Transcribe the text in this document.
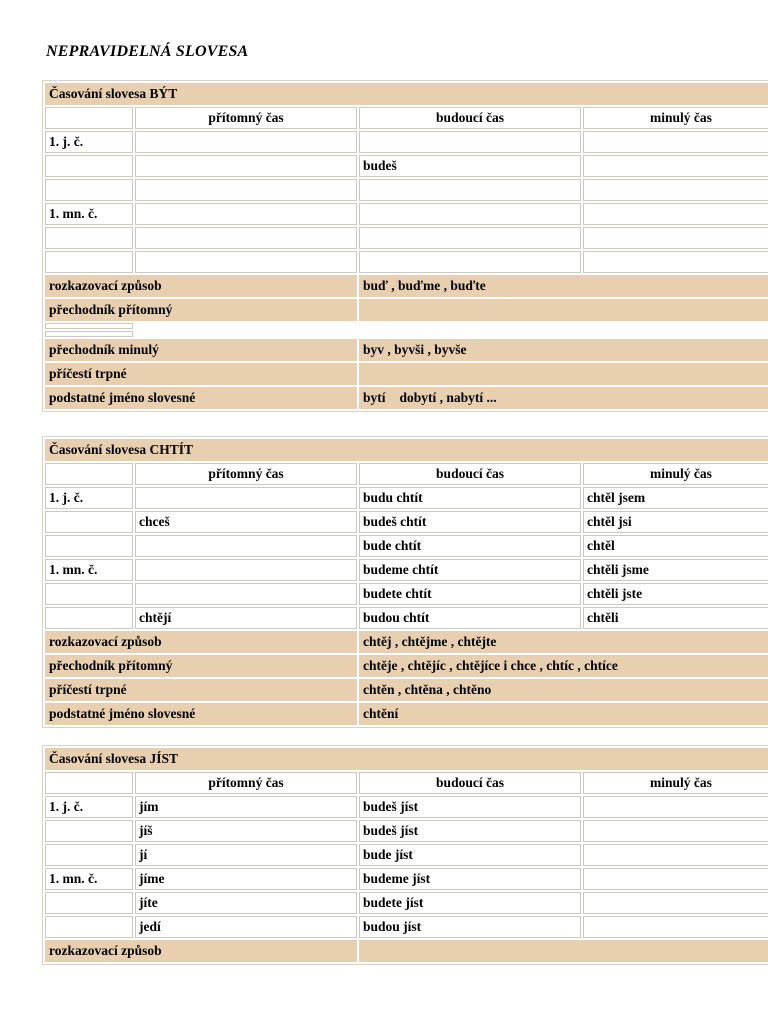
NEPRAVIDELNÁ SLOVESA
Časování slovesa BÝT			
	přítomný čas	budoucí čas	minulý čas
1. j. č.			
		budeš	

1. mn. č.			

rozkazovací způsob		buď , buďme , buďte	
přechodník přítomný			

přechodník minulý		byv , byvši , byvše	
příčestí trpné			
podstatné jméno slovesné		bytí dobytí , nabytí ...	
Časování slovesa CHTÍT			
	přítomný čas	budoucí čas	minulý čas
1. j. č.		budu chtít	chtěl jsem
	chceš	budeš chtít	chtěl jsi
		bude chtít	chtěl
1. mn. č.		budeme chtít	chtěli jsme
		budete chtít	chtěli jste
	chtějí	budou chtít	chtěli
rozkazovací způsob		chtěj , chtějme , chtějte	
přechodník přítomný		chtěje , chtějíc , chtějíce i chce , chtíc , chtíce	
příčestí trpné		chtěn , chtěna , chtěno	
podstatné jméno slovesné		chtění	
Časování slovesa JÍST			
	přítomný čas	budoucí čas	minulý čas
1. j. č.	jím	budeš jíst	
	jíš	budeš jíst	
	jí	bude jíst	
1. mn. č.	jíme	budeme jíst	
	jíte	budete jíst	
	jedí	budou jíst	
rozkazovací způsob			
